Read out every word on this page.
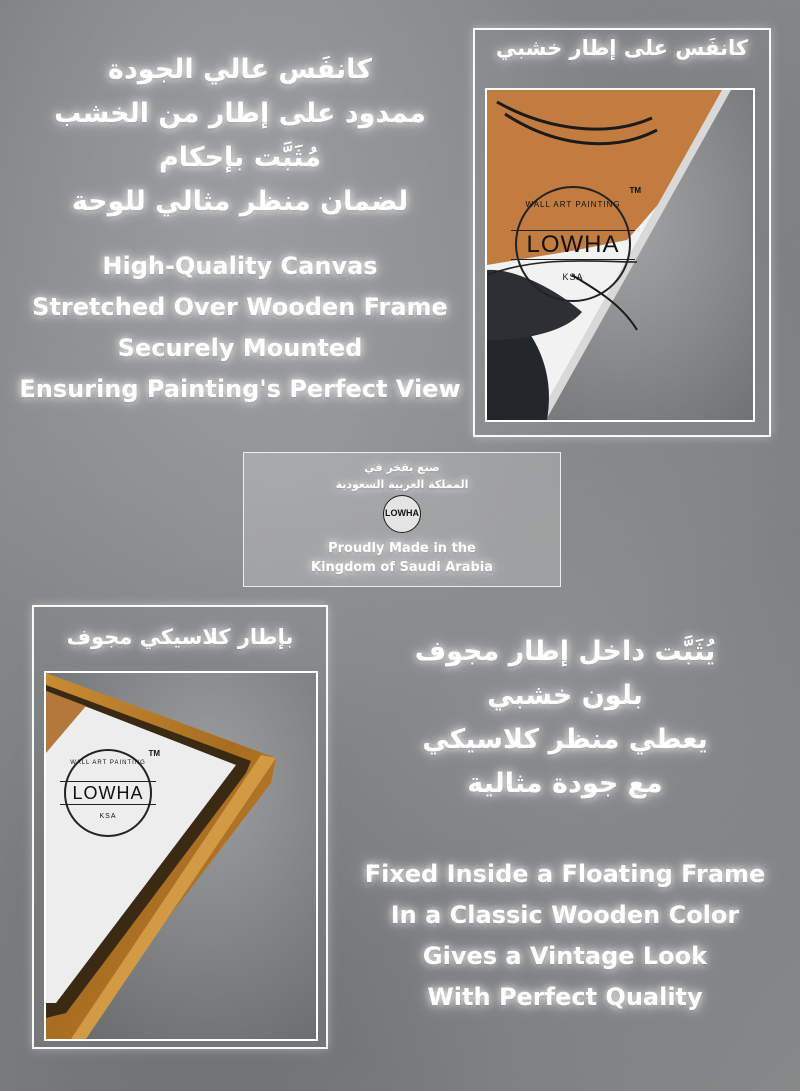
كانفَس عالي الجودة
ممدود على إطار من الخشب
مُثَبَّت بإحكام
لضمان منظر مثالي للوحة
High-Quality Canvas
Stretched Over Wooden Frame
Securely Mounted
Ensuring Painting's Perfect View
كانفَس على إطار خشبي
WALL ART PAINTING
LOWHA
KSA
TM
صنع بفخر في
المملكة العربية السعودية
LOWHA
Proudly Made in the
Kingdom of Saudi Arabia
بإطار كلاسيكي مجوف
WALL ART PAINTING
LOWHA
KSA
TM
يُثَبَّت داخل إطار مجوف
بلون خشبي
يعطي منظر كلاسيكي
مع جودة مثالية
Fixed Inside a Floating Frame
In a Classic Wooden Color
Gives a Vintage Look
With Perfect Quality
